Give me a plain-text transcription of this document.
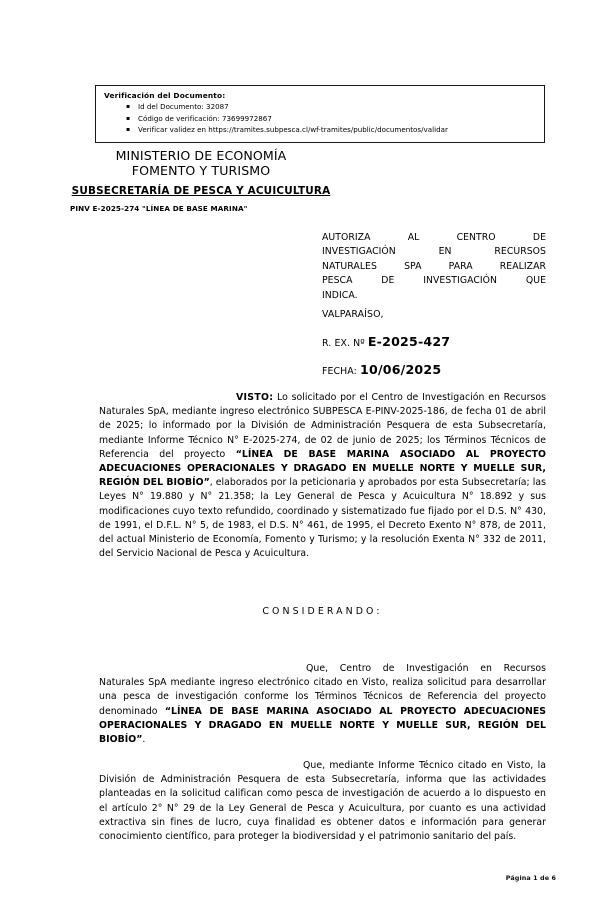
Verificación del Documento:
▪ Id del Documento: 32087
▪ Código de verificación: 73699972867
▪ Verificar validez en https://tramites.subpesca.cl/wf-tramites/public/documentos/validar
MINISTERIO DE ECONOMÍA
FOMENTO Y TURISMO
SUBSECRETARÍA DE PESCA Y ACUICULTURA
PINV E-2025-274 "LÍNEA DE BASE MARINA"
AUTORIZA AL CENTRO DE
INVESTIGACIÓN EN RECURSOS
NATURALES SPA PARA REALIZAR
PESCA DE INVESTIGACIÓN QUE
INDICA.
VALPARAÍSO,
R. EX. Nº E-2025-427
FECHA: 10/06/2025
VISTO: Lo solicitado por el Centro de Investigación en Recursos Naturales SpA, mediante ingreso electrónico SUBPESCA E-PINV-2025-186, de fecha 01 de abril de 2025; lo informado por la División de Administración Pesquera de esta Subsecretaría, mediante Informe Técnico N° E-2025-274, de 02 de junio de 2025; los Términos Técnicos de Referencia del proyecto “LÍNEA DE BASE MARINA ASOCIADO AL PROYECTO ADECUACIONES OPERACIONALES Y DRAGADO EN MUELLE NORTE Y MUELLE SUR, REGIÓN DEL BIOBÍO”, elaborados por la peticionaria y aprobados por esta Subsecretaría; las Leyes N° 19.880 y N° 21.358; la Ley General de Pesca y Acuicultura N° 18.892 y sus modificaciones cuyo texto refundido, coordinado y sistematizado fue fijado por el D.S. N° 430, de 1991, el D.F.L. N° 5, de 1983, el D.S. N° 461, de 1995, el Decreto Exento N° 878, de 2011, del actual Ministerio de Economía, Fomento y Turismo; y la resolución Exenta N° 332 de 2011, del Servicio Nacional de Pesca y Acuicultura.
CONSIDERANDO:
Que, Centro de Investigación en Recursos Naturales SpA mediante ingreso electrónico citado en Visto, realiza solicitud para desarrollar una pesca de investigación conforme los Términos Técnicos de Referencia del proyecto denominado “LÍNEA DE BASE MARINA ASOCIADO AL PROYECTO ADECUACIONES OPERACIONALES Y DRAGADO EN MUELLE NORTE Y MUELLE SUR, REGIÓN DEL BIOBÍO”.
Que, mediante Informe Técnico citado en Visto, la División de Administración Pesquera de esta Subsecretaría, informa que las actividades planteadas en la solicitud califican como pesca de investigación de acuerdo a lo dispuesto en el artículo 2° N° 29 de la Ley General de Pesca y Acuicultura, por cuanto es una actividad extractiva sin fines de lucro, cuya finalidad es obtener datos e información para generar conocimiento científico, para proteger la biodiversidad y el patrimonio sanitario del país.
Página 1 de 6
